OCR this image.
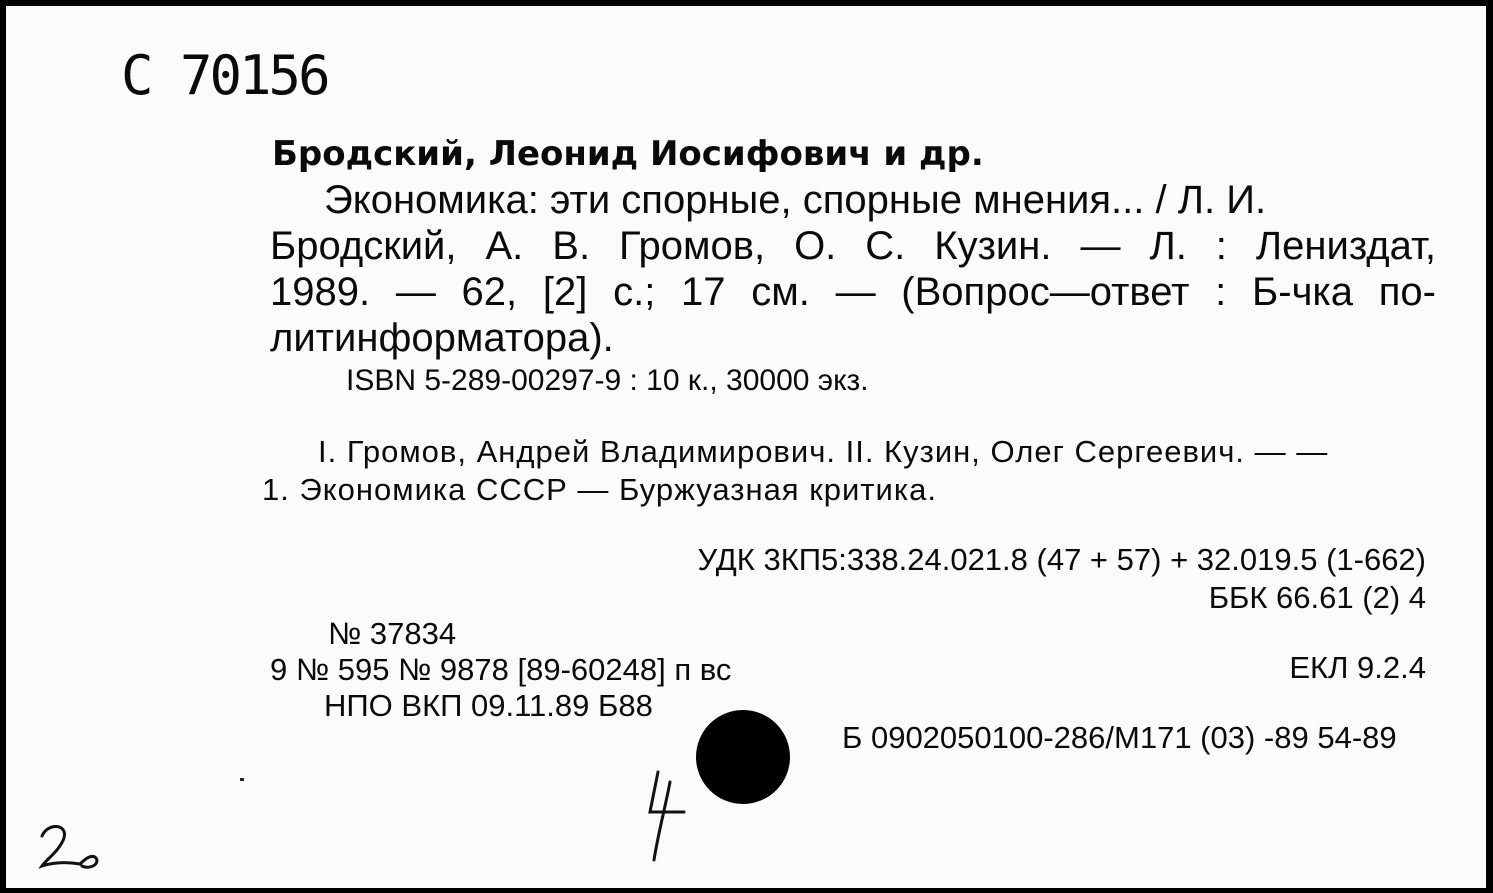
С 70156
Бродский, Леонид Иосифович и др.
Экономика: эти спорные, спорные мнения... / Л. И.
Бродский, А. В. Громов, О. С. Кузин. — Л. : Лениздат,
1989. — 62, [2] с.; 17 см. — (Вопрос—ответ : Б-чка по-
литинформатора).
ISBN 5-289-00297-9 : 10 к., 30000 экз.
I. Громов, Андрей Владимирович. II. Кузин, Олег Сергеевич. — —
1. Экономика СССР — Буржуазная критика.
УДК 3КП5:338.24.021.8 (47 + 57) + 32.019.5 (1-662)
ББК 66.61 (2) 4
№ 37834
9 № 595 № 9878 [89-60248] п вс	ЕКЛ 9.2.4
НПО ВКП 09.11.89 Б88
Б 0902050100-286/М171 (03) -89 54-89
